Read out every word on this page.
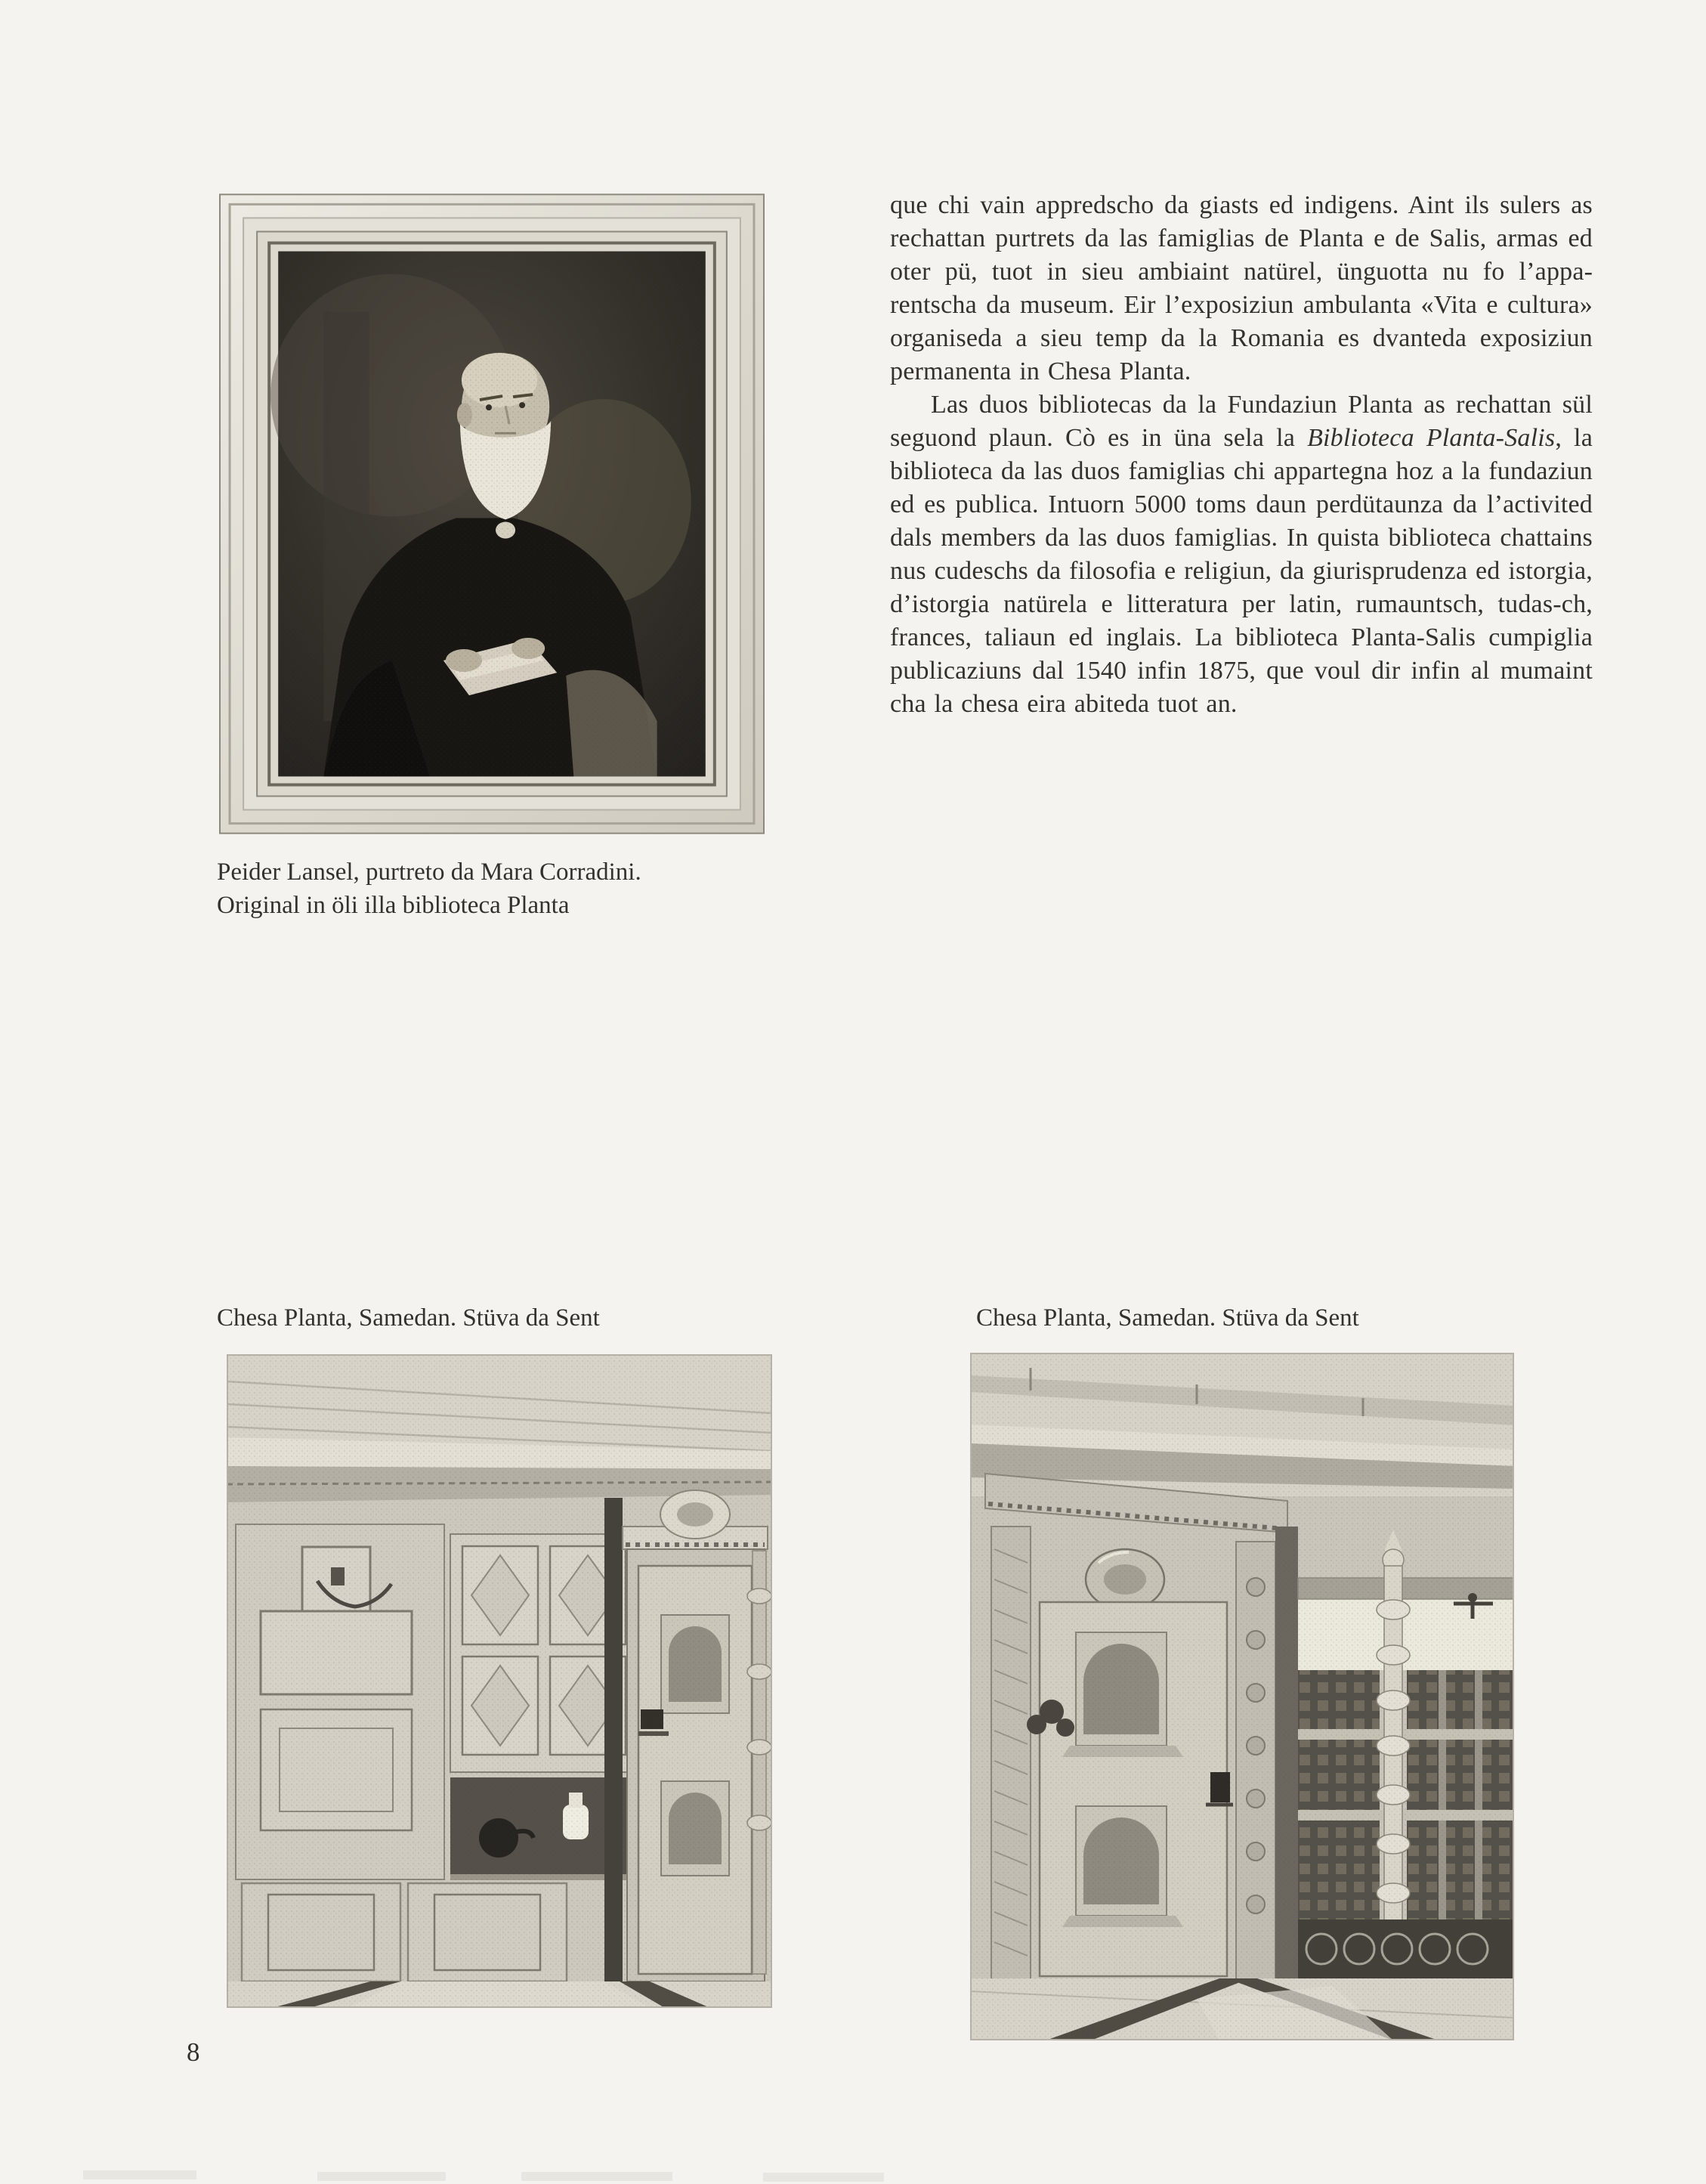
Peider Lansel, purtreto da Mara Corradini.
Original in öli illa biblioteca Planta

que chi vain appredscho da giasts ed indigens. Aint ils sulers as rechattan purtrets da las famiglias de Planta e de Salis, armas ed oter pü, tuot in sieu ambiaint natürel, ünguotta nu fo l’apparentscha da museum. Eir l’exposiziun ambulanta «Vita e cultura» organiseda a sieu temp da la Romania es dvanteda exposiziun permanenta in Chesa Planta.

Las duos bibliotecas da la Fundaziun Planta as rechattan sül seguond plaun. Cò es in üna sela la Biblioteca Planta-Salis, la biblioteca da las duos famiglias chi appartegna hoz a la fundaziun ed es publica. Intuorn 5000 toms daun perdütaunza da l’activited dals members da las duos famiglias. In quista biblioteca chattains nus cudeschs da filosofia e religiun, da giurisprudenza ed istorgia, d’istorgia natürela e litteratura per latin, rumauntsch, tudas-ch, frances, taliaun ed inglais. La biblioteca Planta-Salis cumpiglia publicaziuns dal 1540 infin 1875, que voul dir infin al mumaint cha la chesa eira abiteda tuot an.

Chesa Planta, Samedan. Stüva da Sent	Chesa Planta, Samedan. Stüva da Sent
8
